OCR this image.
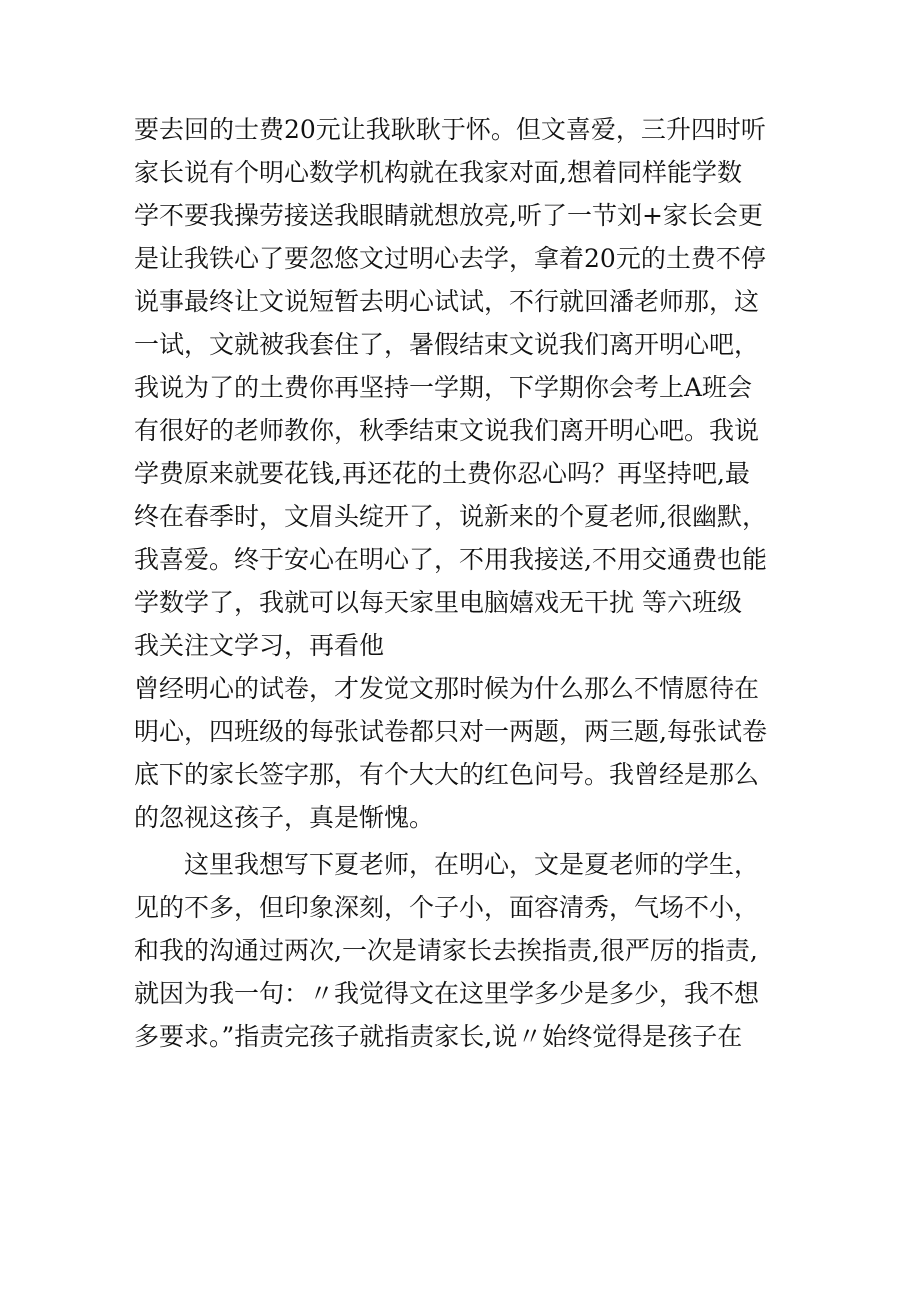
要去回的士费20元让我耿耿于怀。但文喜爱，三升四时听
家长说有个明心数学机构就在我家对面,想着同样能学数
学不要我操劳接送我眼睛就想放亮,听了一节刘+家长会更
是让我铁心了要忽悠文过明心去学，拿着20元的土费不停
说事最终让文说短暂去明心试试，不行就回潘老师那，这
一试，文就被我套住了，暑假结束文说我们离开明心吧，
我说为了的土费你再坚持一学期，下学期你会考上A班会
有很好的老师教你，秋季结束文说我们离开明心吧。我说
学费原来就要花钱,再还花的土费你忍心吗？再坚持吧,最
终在春季时，文眉头绽开了，说新来的个夏老师,很幽默，
我喜爱。终于安心在明心了，不用我接送,不用交通费也能
学数学了，我就可以每天家里电脑嬉戏无干扰 等六班级
我关注文学习，再看他
曾经明心的试卷，才发觉文那时候为什么那么不情愿待在
明心，四班级的每张试卷都只对一两题，两三题,每张试卷
底下的家长签字那，有个大大的红色问号。我曾经是那么
的忽视这孩子，真是惭愧。
这里我想写下夏老师，在明心，文是夏老师的学生，
见的不多，但印象深刻，个子小，面容清秀，气场不小，
和我的沟通过两次,一次是请家长去挨指责,很严厉的指责,
就因为我一句：〃我觉得文在这里学多少是多少，我不想
多要求。”指责完孩子就指责家长,说〃始终觉得是孩子在
